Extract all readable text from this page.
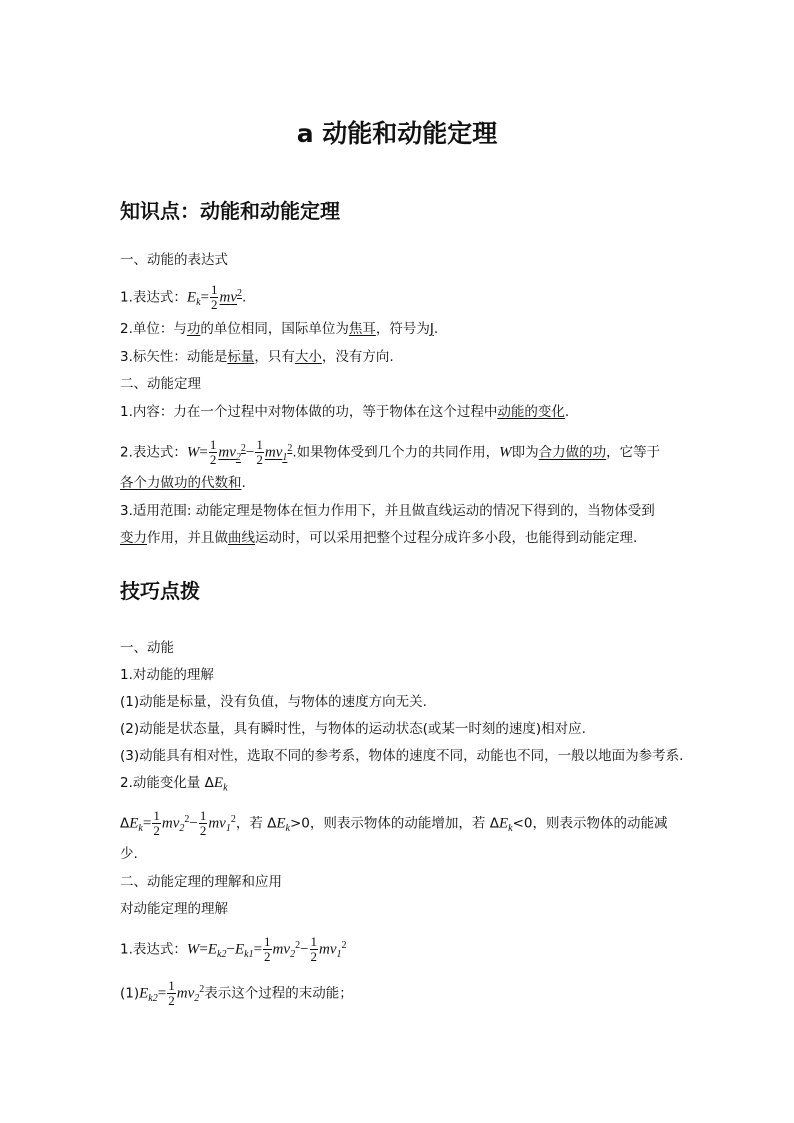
a 动能和动能定理
知识点：动能和动能定理
一、动能的表达式
1.表达式：$E_k= \frac{1}{2} mv^2$.
2.单位：与功的单位相同，国际单位为焦耳，符号为J.
3.标矢性：动能是标量，只有大小，没有方向.
二、动能定理
1.内容：力在一个过程中对物体做的功，等于物体在这个过程中动能的变化.
2.表达式：$W= \frac{1}{2} mv_2^2- \frac{1}{2} mv_1^2$.如果物体受到几个力的共同作用，W即为合力做的功，它等于
各个力做功的代数和.
3.适用范围: 动能定理是物体在恒力作用下，并且做直线运动的情况下得到的，当物体受到
变力作用，并且做曲线运动时，可以采用把整个过程分成许多小段，也能得到动能定理.
技巧点拨
一、动能
1.对动能的理解
(1)动能是标量，没有负值，与物体的速度方向无关.
(2)动能是状态量，具有瞬时性，与物体的运动状态(或某一时刻的速度)相对应.
(3)动能具有相对性，选取不同的参考系，物体的速度不同，动能也不同，一般以地面为参考系.
2.动能变化量 $\Delta E_k$
$\Delta E_k= \frac{1}{2} mv_2^2- \frac{1}{2} mv_1^2$，若 $\Delta E_k>0$，则表示物体的动能增加，若 $\Delta E_k<0$，则表示物体的动能减
少.
二、动能定理的理解和应用
对动能定理的理解
1.表达式：$W=E_{k2}-E_{k1}= \frac{1}{2} mv_2^2- \frac{1}{2} mv_1^2$
$(1)E_{k2}= \frac{1}{2} mv_2^2$表示这个过程的末动能；
